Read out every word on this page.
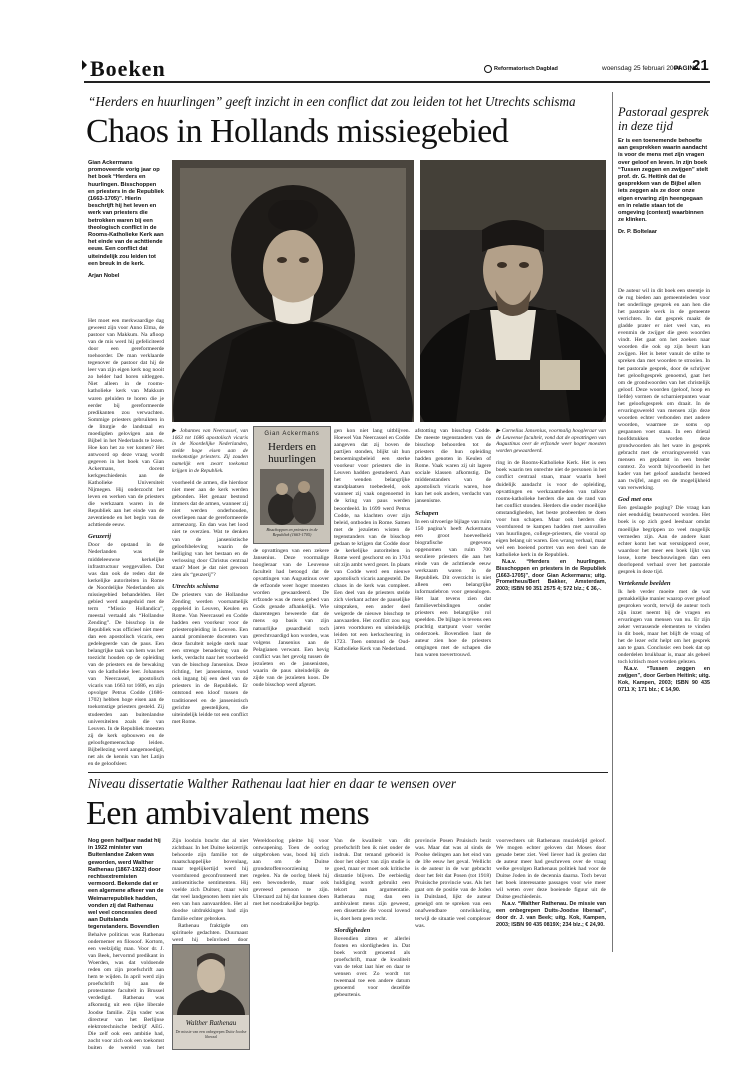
Boeken	Reformatorisch Dagblad	woensdag 25 februari 2004
PAGINA
21
“Herders en huurlingen” geeft inzicht in een conflict dat zou leiden tot het Utrechts schisma
Chaos in Hollands missiegebied
Gian Ackermans promoveerde vorig jaar op het boek “Herders en huurlingen. Bisschoppen en priesters in de Republiek (1663-1705)”. Hierin beschrijft hij het leven en werk van priesters die betrokken waren bij een theologisch conflict in de Rooms-Katholieke Kerk aan het einde van de achttiende eeuw. Een conflict dat uiteindelijk zou leiden tot een breuk in de kerk.
Arjan Nobel

Het moet een merkwaardige dag geweest zijn voor Anno Elma, de pastoor van Makkum. Na afloop van de mis werd hij gefeliciteerd door een gereformeerde toehoorder. De man verklaarde tegenover de pastoor dat hij de leer van zijn eigen kerk nog nooit zo helder had horen uitleggen. Niet alleen in de rooms-katholieke kerk van Makkum waren geluiden te horen die je eerder bij gereformeerde predikanten zou verwachten. Sommige priesters gebruikten in de liturgie de landstaal en moedigden gelovigen aan de Bijbel in het Nederlands te lezen. Hoe kon het zo ver komen? Het antwoord op deze vraag wordt gegeven in het boek van Gian Ackermans, docent kerkgeschiedenis aan de Katholieke Universiteit Nijmegen. Hij onderzocht het leven en werken van de priesters die werkzaam waren in de Republiek aan het einde van de zeventiende en het begin van de achttiende eeuw.

Geuzerij

Door de opstand in de Nederlanden was de middeleeuwse kerkelijke infrastructuur weggevallen. Dat was dan ook de reden dat de kerkelijke autoriteiten in Rome de Noordelijke Nederlanden als missiegebied behandelden. Het gebied werd aangeduid met de term “Missio Hollandica”, meestal vertaald als “Hollandse Zending”. De bisschop in de Republiek was officieel niet meer dan een apostolisch vicaris, een gedelegeerde van de paus. Een belangrijke taak van hem was het toezicht houden op de opleiding van de priesters en de bewaking van de katholieke leer. Johannes van Neercassel, apostolisch vicaris van 1663 tot 1686, en zijn opvolger Petrus Codde (1686-1702) hebben hoge eisen aan de toekomstige priesters gesteld. Zij studeerden aan buitenlandse universiteiten zoals die van Leuven. In de Republiek moesten zij de kerk opbouwen en de geloofsgemeenschap leiden. Bijbellezing werd aangemoedigd, net als de kennis van het Latijn en de geloofsleer.

▶ Johannes van Neercassel, van 1663 tot 1686 apostolisch vicaris in de Noordelijke Nederlanden, stelde hoge eisen aan de toekomstige priesters. Zij zouden namelijk een zwart toekomst krijgen in de Republiek.

voorheeld de armen, die hierdoor niet meer aan de kerk werden gebonden. Het genaar bestond immers dat de armen, wanneer zij niet werden onderhouden, overliepen naar de gereformeerde armenzorg. En dan was het lood niet te overzien. Wat te denken van de jansenistische geloofsbeleving waarin de heiliging van het bestaan en de verlossing door Christus centraal staat? Moet je dat niet gewoon zien als “geuzerij”?

Utrechts schisma

De priesters van de Hollandse Zending werden voornamelijk opgeleid in Leuven, Keulen en Rome. Van Neercassel en Codde hadden een voorkeur voor de priesteropleiding in Leuven. Een aantal prominente docenten van deze faculteit neigde sterk naar een strenge benadering van de kerk, verdacht naar het voorbeeld van de bisschop Jansenius. Deze richting, het jansenisme, vond ook ingang bij een deel van de priesters in de Republiek. Er ontstond een kloof tussen de traditioneel en de jansenistisch gerichte geestelijken, die uiteindelijk leidde tot een conflict met Rome.

Gian Ackermans
Herders en huurlingen
Bisschoppen en priesters in de Republiek (1663-1705)

de opvattingen van een zekere Jansenius. Deze voormalige hoogleraar van de Leuvense faculteit had betoogd dat de opvattingen van Augustinus over de erfzonde weer hoger moesten worden gewaardeerd. De erfzonde was de mens gebed van Gods genade afhankelijk. Wie daarentegen beweerde dat de mens op basis van zijn natuurlijke geaardheid toch gerechtvaardigd kon worden, was volgens Jansenius aan de Pelagianen verwant. Een hevig conflict was het gevolg tussen de jezuïeten en de jansenisten, waarin de paus uiteindelijk de zijde van de jezuïeten koos. De oude bisschop werd afgezet.

gen kon niet lang uitblijven. Hoewel Van Neercassel en Codde aangeven dat zij boven de partijen stonden, blijkt uit hun benoemingsbeleid een sterke voorkeur voor priesters die in Leuven hadden gestudeerd. Aan het wenden belangrijke standplaatsen toebedeeld, ook wanneer zij vaak ongenoemd in de kring van paus werden beoordeeld. In 1699 werd Petrus Codde, na klachten over zijn beleid, ontboden in Rome. Samen met de jezuïeten wisten de tegenstanders van de bisschop gedaan te krijgen dat Codde door de kerkelijke autoriteiten in Rome werd geschorst en in 1704 uit zijn ambt werd gezet. In plaats van Codde werd een nieuwe apostolisch vicaris aangesteld. De chaos in de kerk was compleet. Een deel van de priesters stelde zich vierkant achter de pauselijke uitspraken, een ander deel weigerde de nieuwe bisschop te aanvaarden. Het conflict zou nog jaren voortduren en uiteindelijk leiden tot een kerkscheuring in 1723. Toen ontstond de Oud-Katholieke Kerk van Nederland.

afstotting van bisschop Codde. De meeste tegenstanders van de bisschop behoorden tot de priesters die hun opleiding hadden genoten in Keulen of Rome. Vaak waren zij uit lagere sociale klassen afkomstig. De middenstanders van de apostolisch vicaris waren, hoe kan het ook anders, verdacht van jansenisme.

Schapen

In een uitvoerige bijlage van ruim 150 pagina’s heeft Ackermans een groot hoeveelheid biografische gegevens opgenomen van ruim 700 seculiere priesters die aan het einde van de achttiende eeuw werkzaam waren in de Republiek. Dit overzicht is niet alleen een belangrijke informatiebron voor genealogen. Het laat tevens zien dat familieverbindingen onder priesters een belangrijke rol speelden. De bijlage is tevens een prachtig startpunt voor verder onderzoek. Bovendien laat de auteur zien hoe de priesters omgingen met de schapen die hun waren toevertrouwd.

▶ Cornelius Jansenius, voormalig hoogleraar van de Leuvense faculteit, vond dat de opvattingen van Augustinus over de erfzonde weer hoger moesten worden gewaardeerd.

ring in de Rooms-Katholieke Kerk. Het is een boek waarin ten onrechte niet de personen in het conflict centraal staan, maar waarin heel duidelijk aandacht is voor de opleiding, opvattingen en werkzaamheden van talloze rooms-katholieke herders die aan de rand van het conflict stonden. Herders die onder moeilijke omstandigheden, het beste probeerden te doen voor hun schapen. Maar ook herders die voortdurend te kampen hadden met aanvallen van huurlingen, college-priesters, die vooral op eigen belang uit waren. Een wrang verhaal, maar wel een boeiend portret van een deel van de katholieke kerk in de Republiek.

N.a.v. “Herders en huurlingen. Bisschoppen en priesters in de Republiek (1663-1705)”, door Gian Ackermans; uitg. Prometheus/Bert Bakker, Amsterdam, 2003; ISBN 90 351 2575 4; 572 blz.; € 36,-.

Pastoraal gesprek in deze tijd
Er is een toenemende behoefte aan gesprekken waarin aandacht is voor de mens met zijn vragen over geloof en leven. In zijn boek “Tussen zeggen en zwijgen” stelt prof. dr. G. Heitink dat de gesprekken van de Bijbel allen iets zeggen als ze door onze eigen ervaring zijn heengegaan en in relatie staan tot de omgeving (context) waarbinnen ze klinken.
Dr. P. Boltelaar

De auteur wil in dit boek een steentje in de rug bieden aan gemeenteleden voor het onderlinge gesprek en aan hen die het pastorale werk in de gemeente verrichten. In dat gesprek maakt de gladde prater er niet veel van, en evenmin de zwijger die geen woorden vindt. Het gaat om het zoeken naar woorden die ook op zijn beurt kan zwijgen. Het is beter vanuit de stilte te spreken dan met woorden te strooien. In het pastorale gesprek, door de schrijver het geloofsgesprek genoemd, gaat het om de grondwoorden van het christelijk geloof. Deze woorden (geloof, hoop en liefde) vormen de scharnierpunten waar het geloofsgesprek om draait. In de ervaringswereld van mensen zijn deze woorden echter verbonden met andere woorden, waarmee ze soms op gespannen voet staan. In een drietal hoofdstukken worden deze grondwoorden als het ware in gesprek gebracht met de ervaringswereld van mensen en geplaatst in een breder context. Zo wordt bijvoorbeeld in het kader van het geloof aandacht besteed aan twijfel, angst en de mogelijkheid van verwerking.

God met ons

Een geslaagde poging? Die vraag kan niet eenduidig beantwoord worden. Het boek is op zich goed leesbaar omdat moeilijke begrippen zo veel mogelijk vermeden zijn. Aan de andere kant echter komt het wat versnipperd over, waardoor het meer een boek lijkt van losse, korte beschouwingen dan een doorlopend verhaal over het pastorale gesprek in deze tijd.

Vertekende beelden

Ik heb verder moeite met de wat gemakkelijke manier waarop over geloof gesproken wordt, terwijl de auteur toch zijn inzet neemt bij de vragen en ervaringen van mensen van nu. Er zijn zeker verrassende elementen te vinden in dit boek, maar het blijft de vraag of het de lezer echt helpt om het gesprek aan te gaan. Conclusie: een boek dat op onderdelen bruikbaar is, maar als geheel toch kritisch moet worden gelezen.

N.a.v. “Tussen zeggen en zwijgen”, door Gerben Heitink; uitg. Kok, Kampen, 2003; ISBN 90 435 0711 X; 171 blz.; € 14,90.

Niveau dissertatie Walther Rathenau laat hier en daar te wensen over
Een ambivalent mens
Nog geen halfjaar nadat hij in 1922 minister van Buitenlandse Zaken was geworden, werd Walther Rathenau (1867-1922) door rechtsextremisten vermoord. Bekende dat er een algemene afkeer van de Weimarrepubliek hadden, vonden zij dat Rathenau wel veel concessies deed aan Duitslands tegenstanders. Bovendien

Behalve politicus was Rathenau ondernemer en filosoof. Kortom, een veelzijdig man. Voor dr. J. van Beek, hervormd predikant in Woerden, was dat voldoende reden om zijn proefschrift aan hem te wijden. In april werd zijn proefschrift bij aan de protestantse faculteit in Brussel verdedigd. Rathenau was afkomstig uit een rijke liberale Joodse familie. Zijn vader was directeur van het Berlijnse elektrotechnische bedrijf AEG. Die zelf ook een ambitie had, zocht voor zich ook een toekomst buiten de wereld van het

Zijn loodzin bracht dat al niet zichtbaar. In het Duitse keizerrijk behoorde zijn familie tot de maatschappelijke bovenlaag, maar tegelijkertijd werd hij voortdurend geconfronteerd met antisemitische sentimenten. Hij voelde zich Duitser, maar wist dat veel landgenoten hem niet als een van hun aanvaardden. Het al doodse uitdrukkingen had zijn familie echter gebroken.

Rathenau fraktigde om spirituele gedachten. Duurnaast werd hij beïnvloed door

Walther Rathenau
De missie van een onbegrepen Duits-Joodse liberaal

Wereldoorlog pleitte hij voor ontwapening. Toen de oorlog uitgebroken was, bood hij zich aan om de Duitse grondstoffenvoorziening te regelen. Na de oorlog bleek hij een bewonderde, maar ook gevreesd persoon te zijn. Uiteraard zal hij dat kunnen doen met het noodzakelijke begrip.

Van de kwaliteit van dit proefschrift ben ik niet onder de indruk. Dat temand geboeid is door het object van zijn studie is goed, maar er moet ook kritische distantie blijven. De eerbiedig huldiging wordt gebruikt een tekort aan argumentatie. Rathenau mag dan een ambivalent mens zijn geweest, een dissertatie die vooral lovend is, doet hem geen recht.

Slordigheden

Bovendien zitten er allerlei fouten en slordigheden in. Dat boek wordt genoemd als proefschrift, maar de kwaliteit van de tekst laat hier en daar te wensen over. Zo wordt tot tweemaal toe een andere datum genoemd voor dezelfde gebeurtenis.

provincie Posen Pruisisch bezit was. Maar dat was al sinds de Poolse delingen aan het eind van de 18e eeuw het geval. Wellicht is de auteur in de war gebracht door het feit dat Posen (tot 1918) Pruisische provincie was. Als het gaat om de positie van de Joden in Duitsland, lijkt de auteur geneigd om te spreken van een onafwendbare ontwikkeling, terwijl de situatie veel complexer was.

voorvechters uit Rathenaus muziektijd geloof. We mogen echter geloven dat Moses door genade beter ziet. Veel liever had ik gezien dat de auteur meer had geschreven over de vraag welke gevolgen Rathenaus politiek had voor de Duitse Joden in de decennia daarna. Toch bevat het boek interessante passages voor wie meer wil weten over deze boeiende figuur uit de Duitse geschiedenis.

N.a.v. “Walther Rathenau. De missie van een onbegrepen Duits-Joodse liberaal”, door dr. J. van Beek; uitg. Kok, Kampen, 2003; ISBN 90 435 0819X; 234 blz.; € 24,90.
